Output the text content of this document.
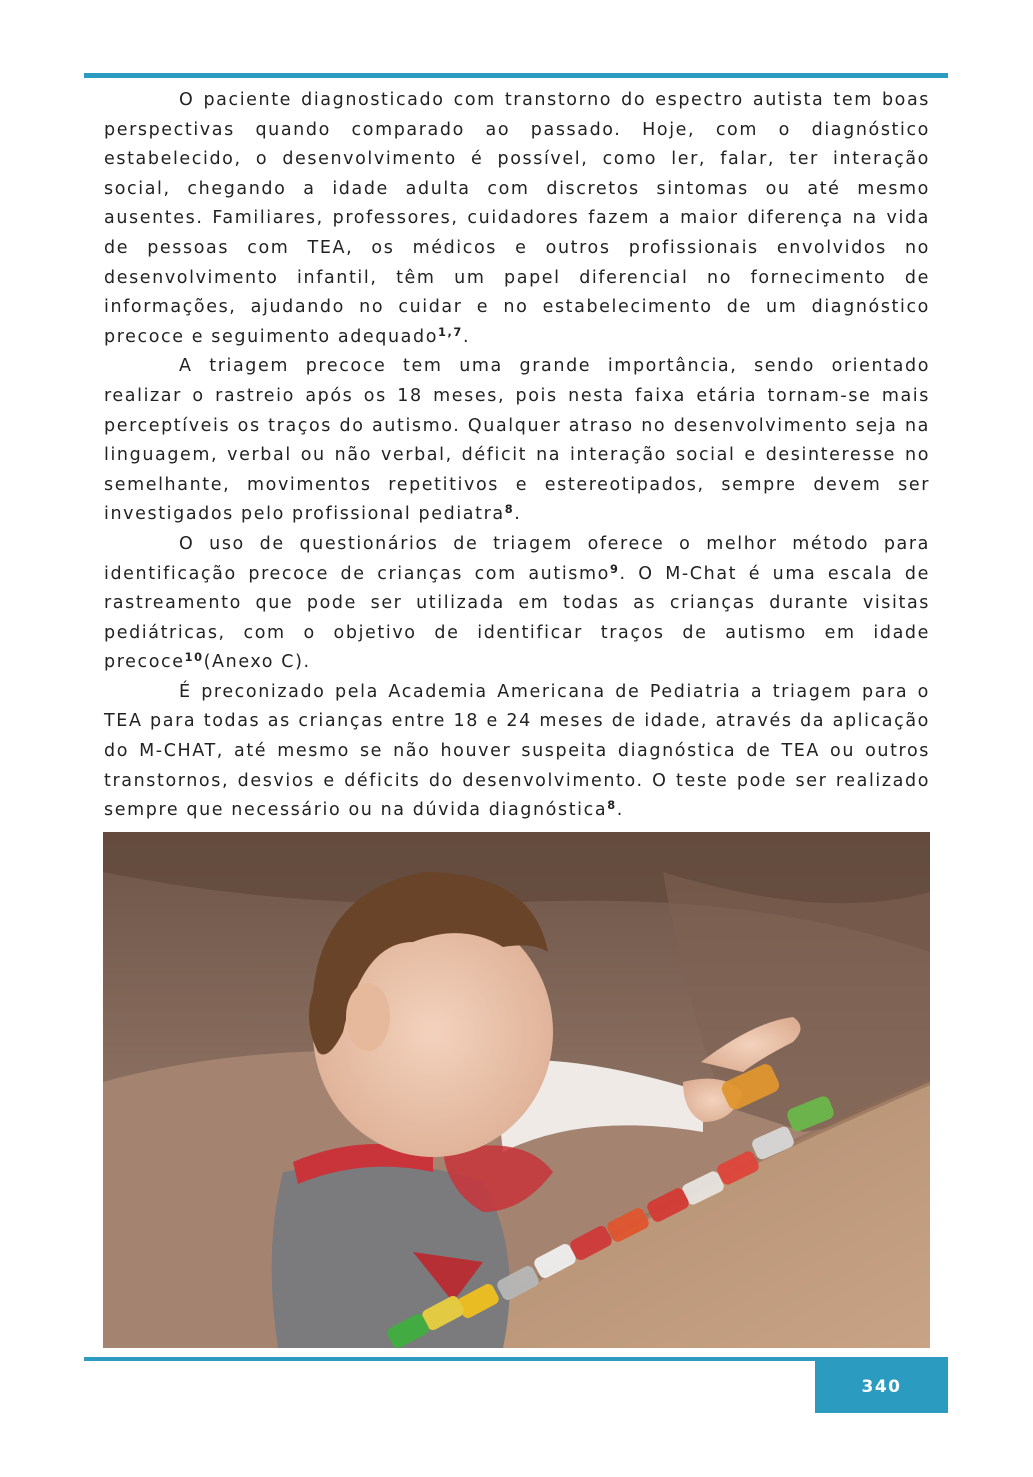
O paciente diagnosticado com transtorno do espectro autista tem boas perspectivas quando comparado ao passado. Hoje, com o diagnóstico estabelecido, o desenvolvimento é possível, como ler, falar, ter interação social, chegando a idade adulta com discretos sintomas ou até mesmo ausentes. Familiares, professores, cuidadores fazem a maior diferença na vida de pessoas com TEA, os médicos e outros profissionais envolvidos no desenvolvimento infantil, têm um papel diferencial no fornecimento de informações, ajudando no cuidar e no estabelecimento de um diagnóstico precoce e seguimento adequado$^{1,7}$.

A triagem precoce tem uma grande importância, sendo orientado realizar o rastreio após os 18 meses, pois nesta faixa etária tornam-se mais perceptíveis os traços do autismo. Qualquer atraso no desenvolvimento seja na linguagem, verbal ou não verbal, déficit na interação social e desinteresse no semelhante, movimentos repetitivos e estereotipados, sempre devem ser investigados pelo profissional pediatra$^8$.

O uso de questionários de triagem oferece o melhor método para identificação precoce de crianças com autismo$^9$. O M-Chat é uma escala de rastreamento que pode ser utilizada em todas as crianças durante visitas pediátricas, com o objetivo de identificar traços de autismo em idade precoce$^{10}$(Anexo C).

É preconizado pela Academia Americana de Pediatria a triagem para o TEA para todas as crianças entre 18 e 24 meses de idade, através da aplicação do M-CHAT, até mesmo se não houver suspeita diagnóstica de TEA ou outros transtornos, desvios e déficits do desenvolvimento. O teste pode ser realizado sempre que necessário ou na dúvida diagnóstica$^8$.

340
